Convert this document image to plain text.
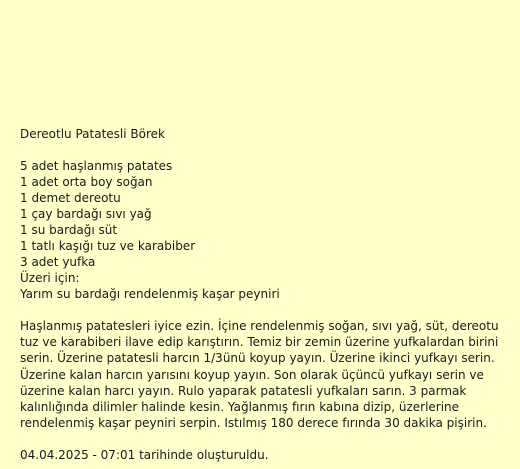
Dereotlu Patatesli Börek
5 adet haşlanmış patates
1 adet orta boy soğan
1 demet dereotu
1 çay bardağı sıvı yağ
1 su bardağı süt
1 tatlı kaşığı tuz ve karabiber
3 adet yufka
Üzeri için:
Yarım su bardağı rendelenmiş kaşar peyniri

Haşlanmış patatesleri iyice ezin. İçine rendelenmiş soğan, sıvı yağ, süt, dereotu tuz ve karabiberi ilave edip karıştırın. Temiz bir zemin üzerine yufkalardan birini serin. Üzerine patatesli harcın 1/3ünü koyup yayın. Üzerine ikinci yufkayı serin. Üzerine kalan harcın yarısını koyup yayın. Son olarak üçüncü yufkayı serin ve üzerine kalan harcı yayın. Rulo yaparak patatesli yufkaları sarın. 3 parmak kalınlığında dilimler halinde kesin. Yağlanmış fırın kabına dizip, üzerlerine rendelenmiş kaşar peyniri serpin. Istılmış 180 derece fırında 30 dakika pişirin.

04.04.2025 - 07:01 tarihinde oluşturuldu.
